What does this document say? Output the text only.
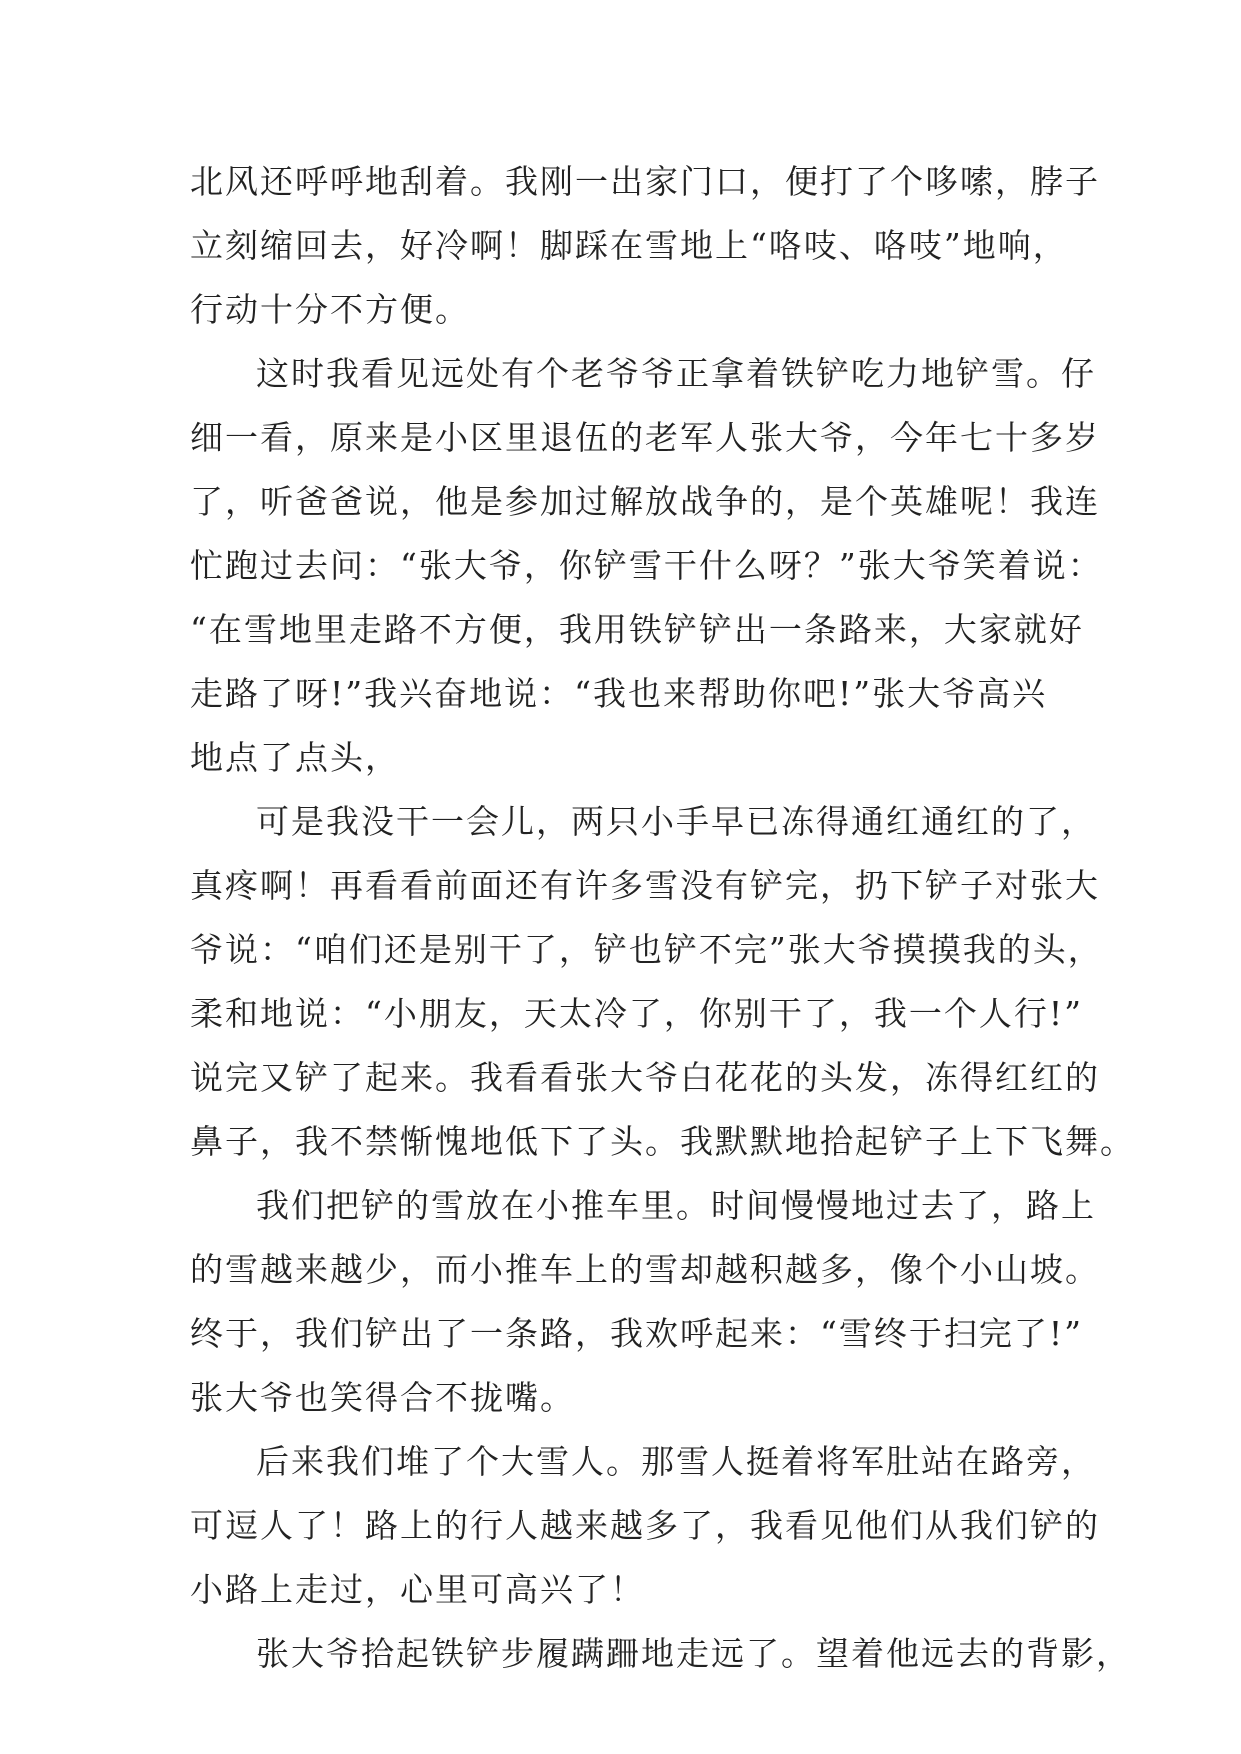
北风还呼呼地刮着。我刚一出家门口，便打了个哆嗦，脖子
立刻缩回去，好冷啊！脚踩在雪地上“咯吱、咯吱”地响，
行动十分不方便。
这时我看见远处有个老爷爷正拿着铁铲吃力地铲雪。仔
细一看，原来是小区里退伍的老军人张大爷，今年七十多岁
了，听爸爸说，他是参加过解放战争的，是个英雄呢！我连
忙跑过去问：“张大爷，你铲雪干什么呀？”张大爷笑着说：
“在雪地里走路不方便，我用铁铲铲出一条路来，大家就好
走路了呀!”我兴奋地说：“我也来帮助你吧!”张大爷高兴
地点了点头，
可是我没干一会儿，两只小手早已冻得通红通红的了，
真疼啊！再看看前面还有许多雪没有铲完，扔下铲子对张大
爷说：“咱们还是别干了，铲也铲不完”张大爷摸摸我的头，
柔和地说：“小朋友，天太冷了，你别干了，我一个人行!”
说完又铲了起来。我看看张大爷白花花的头发，冻得红红的
鼻子，我不禁惭愧地低下了头。我默默地拾起铲子上下飞舞。
我们把铲的雪放在小推车里。时间慢慢地过去了，路上
的雪越来越少，而小推车上的雪却越积越多，像个小山坡。
终于，我们铲出了一条路，我欢呼起来：“雪终于扫完了!”
张大爷也笑得合不拢嘴。
后来我们堆了个大雪人。那雪人挺着将军肚站在路旁，
可逗人了！路上的行人越来越多了，我看见他们从我们铲的
小路上走过，心里可高兴了！
张大爷拾起铁铲步履蹒跚地走远了。望着他远去的背影，
